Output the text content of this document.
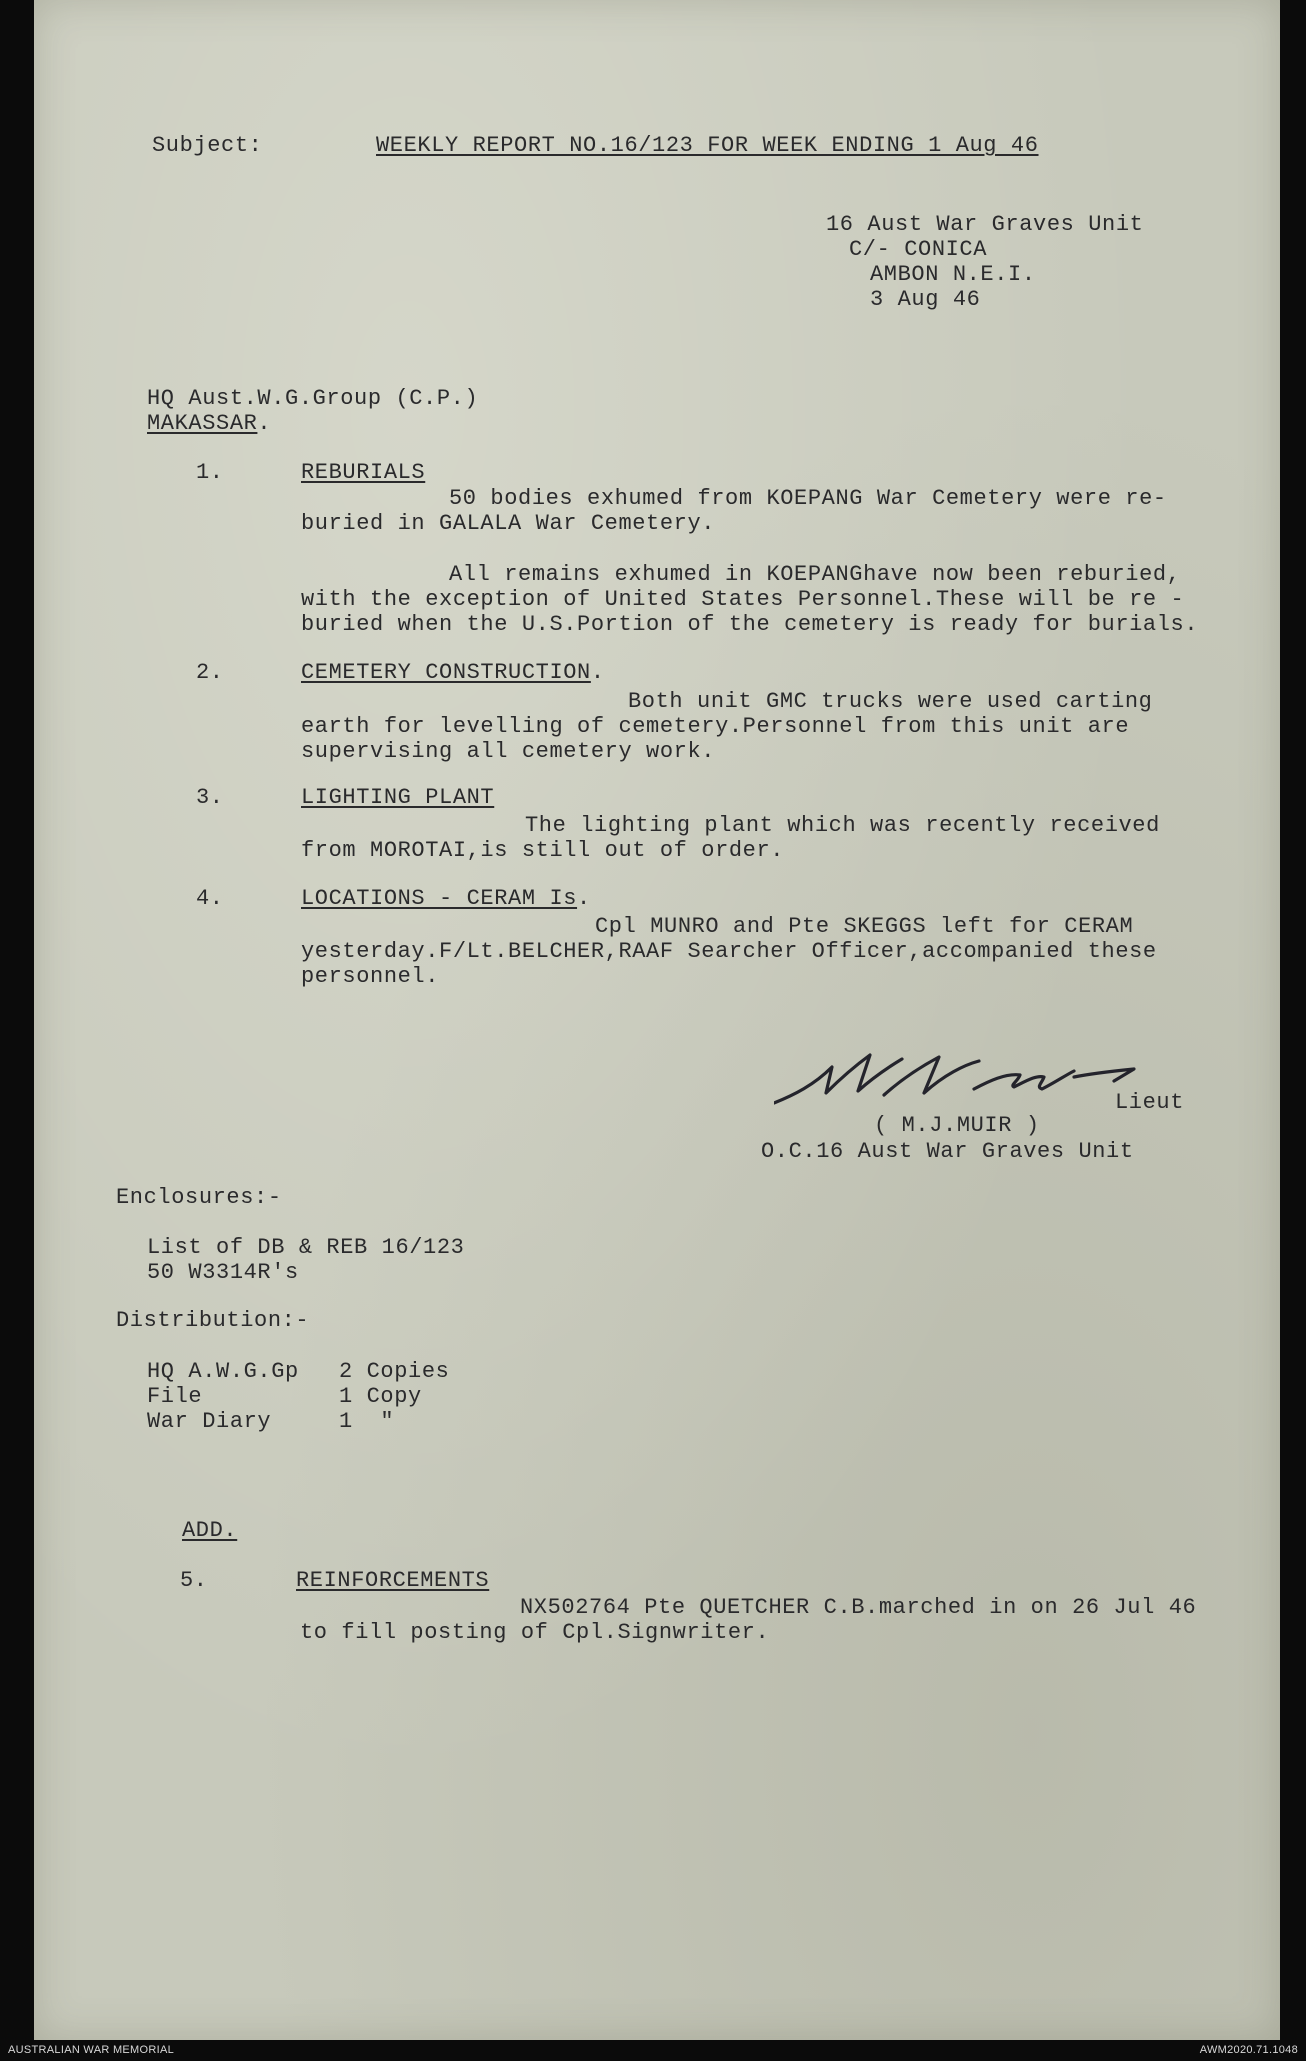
Subject:	WEEKLY REPORT NO.16/123 FOR WEEK ENDING 1 Aug 46

16 Aust War Graves Unit

C/- CONICA

AMBON N.E.I.

3 Aug 46

HQ Aust.W.G.Group (C.P.)

MAKASSAR.

1.	REBURIALS

50 bodies exhumed from KOEPANG War Cemetery were re-

buried in GALALA War Cemetery.

All remains exhumed in KOEPANGhave now been reburied,

with the exception of United States Personnel.These will be re -

buried when the U.S.Portion of the cemetery is ready for burials.

2.	CEMETERY CONSTRUCTION.

Both unit GMC trucks were used carting

earth for levelling of cemetery.Personnel from this unit are

supervising all cemetery work.

3.	LIGHTING PLANT

The lighting plant which was recently received

from MOROTAI,is still out of order.

4.	LOCATIONS - CERAM Is.

Cpl MUNRO and Pte SKEGGS left for CERAM

yesterday.F/Lt.BELCHER,RAAF Searcher Officer,accompanied these

personnel.

Lieut

( M.J.MUIR )

O.C.16 Aust War Graves Unit

Enclosures:-

List of DB & REB 16/123

50 W3314R's

Distribution:-

HQ A.W.G.Gp 2 Copies

File	1 Copy

War Diary	1  "

ADD.

5.	REINFORCEMENTS

NX502764 Pte QUETCHER C.B.marched in on 26 Jul 46

to fill posting of Cpl.Signwriter.

AUSTRALIAN WAR MEMORIAL	AWM2020.71.1048
